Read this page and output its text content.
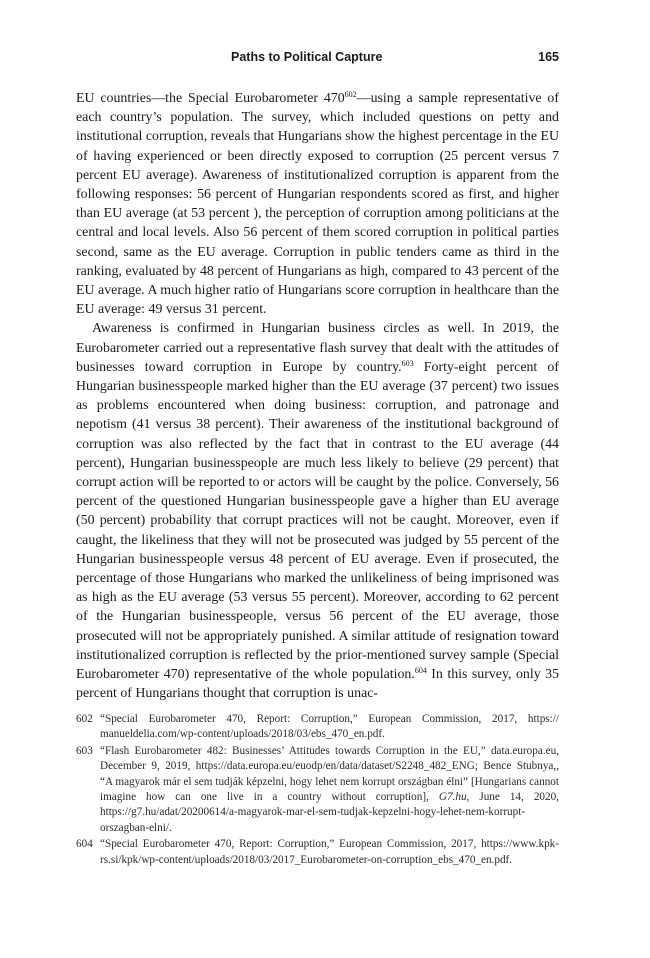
Paths to Political Capture	165

EU countries—the Special Eurobarometer $470^{602}—using$ a sample representative of each country’s population. The survey, which included questions on petty and institutional corruption, reveals that Hungarians show the highest percentage in the EU of having experienced or been directly exposed to corruption (25 percent versus 7 percent EU average). Awareness of institutionalized corruption is apparent from the following responses: 56 percent of Hungarian respondents scored as first, and higher than EU average (at 53 percent ), the perception of corruption among politicians at the central and local levels. Also 56 percent of them scored corruption in political parties second, same as the EU average. Corruption in public tenders came as third in the ranking, evaluated by 48 percent of Hungarians as high, compared to 43 percent of the EU average. A much higher ratio of Hungarians score corruption in healthcare than the EU average: 49 versus 31 percent.

Awareness is confirmed in Hungarian business circles as well. In 2019, the Eurobarometer carried out a representative flash survey that dealt with the attitudes of businesses toward corruption in Europe by country.$^{603}$ Forty-eight percent of Hungarian businesspeople marked higher than the EU average (37 percent) two issues as problems encountered when doing business: corruption, and patronage and nepotism (41 versus 38 percent). Their awareness of the institutional background of corruption was also reflected by the fact that in contrast to the EU average (44 percent), Hungarian businesspeople are much less likely to believe (29 percent) that corrupt action will be reported to or actors will be caught by the police. Conversely, 56 percent of the questioned Hungarian businesspeople gave a higher than EU average (50 percent) probability that corrupt practices will not be caught. Moreover, even if caught, the likeliness that they will not be prosecuted was judged by 55 percent of the Hungarian businesspeople versus 48 percent of EU average. Even if prosecuted, the percentage of those Hungarians who marked the unlikeliness of being imprisoned was as high as the EU average (53 versus 55 percent). Moreover, according to 62 percent of the Hungarian businesspeople, versus 56 percent of the EU average, those prosecuted will not be appropriately punished. A similar attitude of resignation toward institutionalized corruption is reflected by the prior-mentioned survey sample (Special Eurobarometer 470) representative of the whole population.$^{604}$ In this survey, only 35 percent of Hungarians thought that corruption is unac-

602 “Special Eurobarometer 470, Report: Corruption,” European Commission, 2017, https://​manueldelia.com/wp-content/uploads/2018/03/ebs_470_en.pdf.
603 “Flash Eurobarometer 482: Businesses’ Attitudes towards Corruption in the EU,” data.europa​.eu, December 9, 2019, https://data.europa.eu/euodp/en/data/dataset/S2248_482_ENG; Bence Stubnya,, “A magyarok már el sem tudják képzelni, hogy lehet nem korrupt országban élni” [Hungarians cannot imagine how can one live in a country without corruption], G7.hu, June 14, 2020, https://g7.hu/adat/20200614/a-magyarok-mar-el-sem-tudjak-kepzelni-hogy-lehet​-nem-korrupt-orszagban-elni/.
604 “Special Eurobarometer 470, Report: Corruption,” European Commission, 2017, https://www​.kpk-rs.si/kpk/wp-content/uploads/2018/03/2017_Eurobarometer-on-corruption_ebs_470​_en.pdf.
